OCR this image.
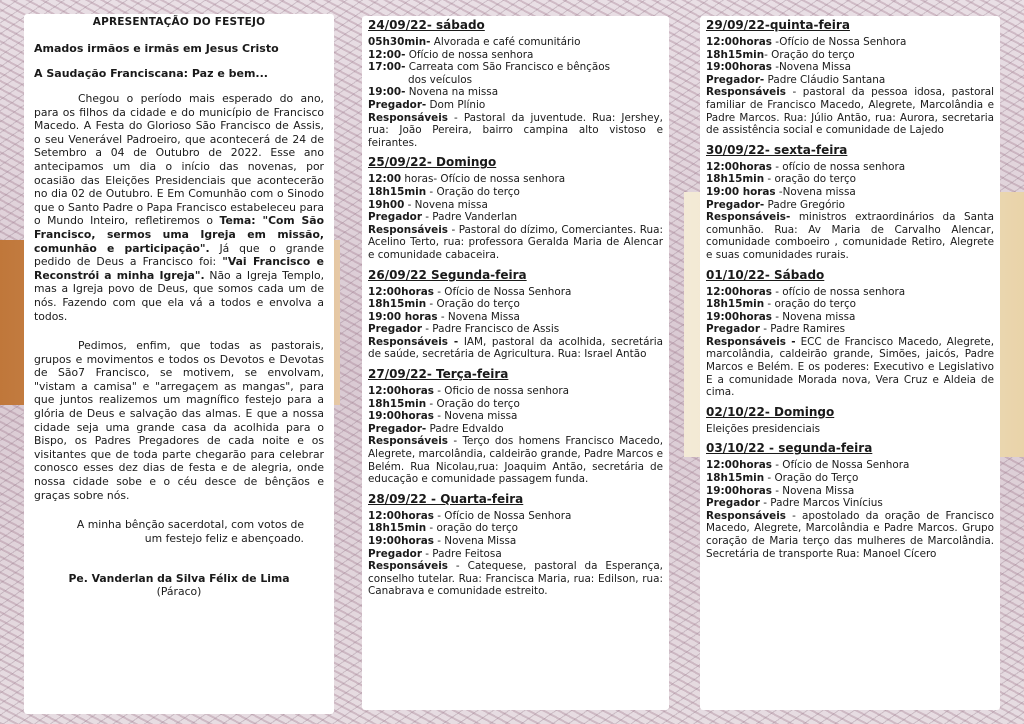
APRESENTAÇÃO DO FESTEJO

Amados irmãos e irmãs em Jesus Cristo

A Saudação Franciscana: Paz e bem...

Chegou o período mais esperado do ano, para os filhos da cidade e do município de Francisco Macedo. A Festa do Glorioso São Francisco de Assis, o seu Venerável Padroeiro, que acontecerá de 24 de Setembro a 04 de Outubro de 2022. Esse ano antecipamos um dia o início das novenas, por ocasião das Eleições Presidenciais que acontecerão no dia 02 de Outubro. E Em Comunhão com o Sinodo que o Santo Padre o Papa Francisco estabeleceu para o Mundo Inteiro, refletiremos o Tema: "Com São Francisco, sermos uma Igreja em missão, comunhão e participação". Já que o grande pedido de Deus a Francisco foi: "Vai Francisco e Reconstrói a minha Igreja". Não a Igreja Templo, mas a Igreja povo de Deus, que somos cada um de nós. Fazendo com que ela vá a todos e envolva a todos.

Pedimos, enfim, que todas as pastorais, grupos e movimentos e todos os Devotos e Devotas de São7 Francisco, se motivem, se envolvam, "vistam a camisa" e "arregaçem as mangas", para que juntos realizemos um magnífico festejo para a glória de Deus e salvação das almas. E que a nossa cidade seja uma grande casa da acolhida para o Bispo, os Padres Pregadores de cada noite e os visitantes que de toda parte chegarão para celebrar conosco esses dez dias de festa e de alegria, onde nossa cidade sobe e o céu desce de bênçãos e graças sobre nós.

A minha bênção sacerdotal, com votos de
um festejo feliz e abençoado.

Pe. Vanderlan da Silva Félix de Lima

(Páraco)

24/09/22- sábado

05h30min- Alvorada e café comunitário

12:00- Ofício de nossa senhora

17:00- Carreata com São Francisco e bênçãos
dos veículos

19:00- Novena na missa

Pregador- Dom Plínio

Responsáveis - Pastoral da juventude. Rua: Jershey, rua: João Pereira, bairro campina alto vistoso e feirantes.

25/09/22- Domingo

12:00 horas- Ofício de nossa senhora

18h15min - Oração do terço

19h00 - Novena missa

Pregador - Padre Vanderlan

Responsáveis - Pastoral do dízimo, Comerciantes. Rua: Acelino Terto, rua: professora Geralda Maria de Alencar e comunidade cabaceira.

26/09/22 Segunda-feira

12:00horas - Ofício de Nossa Senhora

18h15min - Oração do terço

19:00 horas - Novena Missa

Pregador - Padre Francisco de Assis

Responsáveis - IAM, pastoral da acolhida, secretária de saúde, secretária de Agricultura. Rua: Israel Antão

27/09/22- Terça-feira

12:00horas - Oficio de nossa senhora

18h15min - Oração do terço

19:00horas - Novena missa

Pregador- Padre Edvaldo

Responsáveis - Terço dos homens Francisco Macedo, Alegrete, marcolândia, caldeirão grande, Padre Marcos e Belém. Rua Nicolau,rua: Joaquim Antão, secretária de educação e comunidade passagem funda.

28/09/22 - Quarta-feira

12:00horas - Ofício de Nossa Senhora

18h15min - oração do terço

19:00horas - Novena Missa

Pregador - Padre Feitosa

Responsáveis - Catequese, pastoral da Esperança, conselho tutelar. Rua: Francisca Maria, rua: Edilson, rua: Canabrava e comunidade estreito.

29/09/22-quinta-feira

12:00horas -Ofício de Nossa Senhora

18h15min- Oração do terço

19:00horas -Novena Missa

Pregador- Padre Cláudio Santana

Responsáveis - pastoral da pessoa idosa, pastoral familiar de Francisco Macedo, Alegrete, Marcolândia e Padre Marcos. Rua: Júlio Antão, rua: Aurora, secretaria de assistência social e comunidade de Lajedo

30/09/22- sexta-feira

12:00horas - ofício de nossa senhora

18h15min - oração do terço

19:00 horas -Novena missa

Pregador- Padre Gregório

Responsáveis- ministros extraordinários da Santa comunhão. Rua: Av Maria de Carvalho Alencar, comunidade comboeiro , comunidade Retiro, Alegrete e suas comunidades rurais.

01/10/22- Sábado

12:00horas - ofício de nossa senhora

18h15min - oração do terço

19:00horas - Novena missa

Pregador - Padre Ramires

Responsáveis - ECC de Francisco Macedo, Alegrete, marcolândia, caldeirão grande, Simões, jaicós, Padre Marcos e Belém. E os poderes: Executivo e Legislativo E a comunidade Morada nova, Vera Cruz e Aldeia de cima.

02/10/22- Domingo

Eleições presidenciais

03/10/22 - segunda-feira

12:00horas - Ofício de Nossa Senhora

18h15min - Oração do Terço

19:00horas - Novena Missa

Pregador - Padre Marcos Vinícius

Responsáveis - apostolado da oração de Francisco Macedo, Alegrete, Marcolândia e Padre Marcos. Grupo coração de Maria terço das mulheres de Marcolândia. Secretária de transporte Rua: Manoel Cícero
